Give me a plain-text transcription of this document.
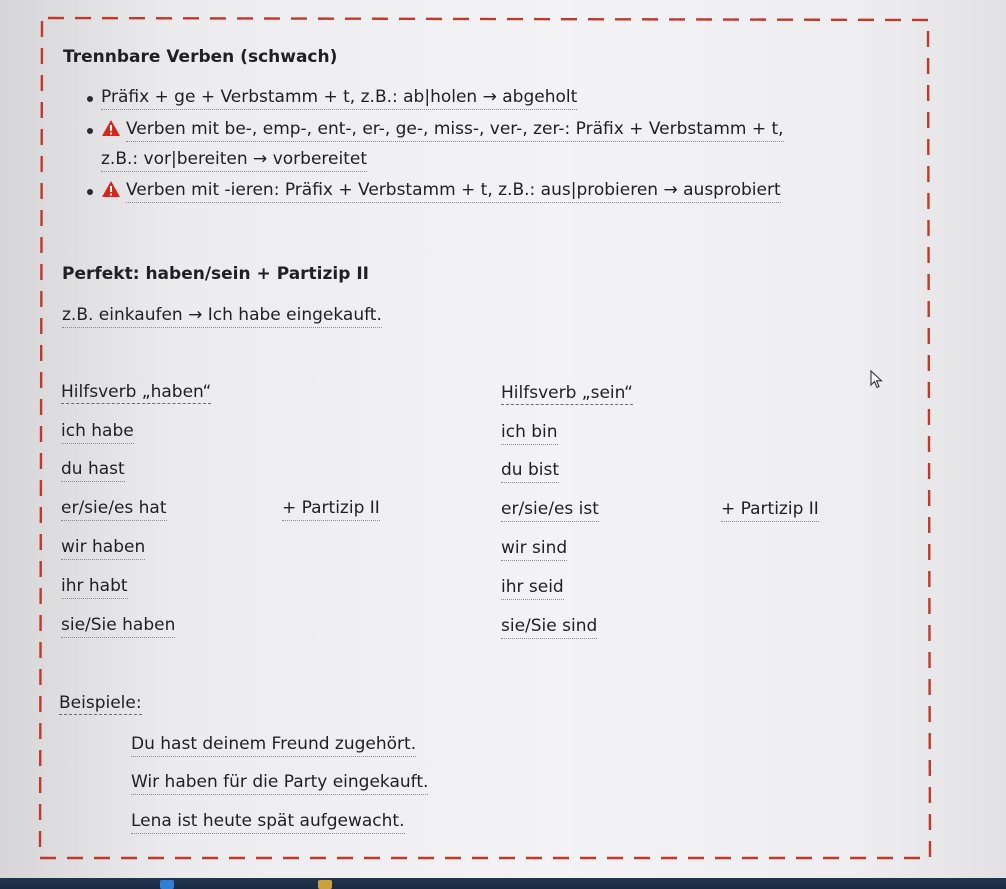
Trennbare Verben (schwach)
Präfix + ge + Verbstamm + t, z.B.: ab|holen → abgeholt
Verben mit be-, emp-, ent-, er-, ge-, miss-, ver-, zer-: Präfix + Verbstamm + t,
z.B.: vor|bereiten → vorbereitet
Verben mit -ieren: Präfix + Verbstamm + t, z.B.: aus|probieren → ausprobiert
Perfekt: haben/sein + Partizip II
z.B. einkaufen → Ich habe eingekauft.
Hilfsverb „haben“
ich habe
du hast
er/sie/es hat
wir haben
ihr habt
sie/Sie haben
+ Partizip II
Hilfsverb „sein“
ich bin
du bist
er/sie/es ist
wir sind
ihr seid
sie/Sie sind
+ Partizip II
Beispiele:
Du hast deinem Freund zugehört.
Wir haben für die Party eingekauft.
Lena ist heute spät aufgewacht.
